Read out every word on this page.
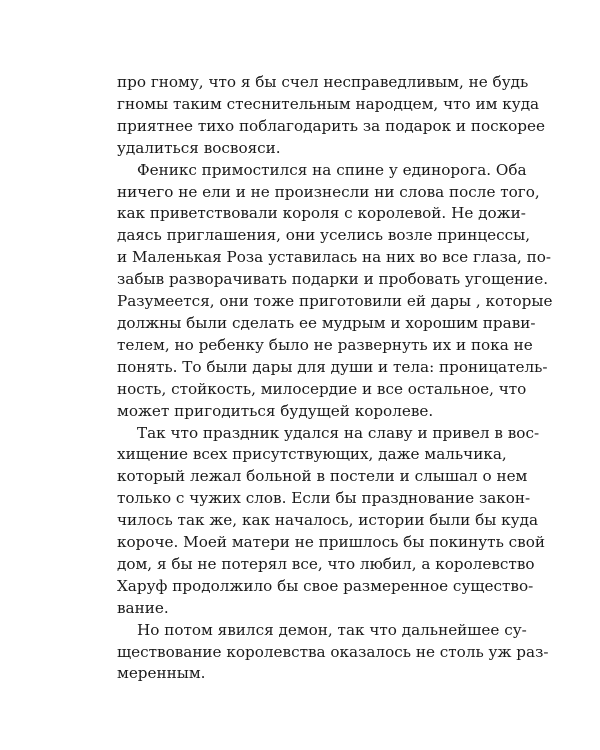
про гному, что я бы счел несправедливым, не будь
гномы таким стеснительным народцем, что им куда
приятнее тихо поблагодарить за подарок и поскорее
удалиться восвояси.

Феникс примостился на спине у единорога. Оба
ничего не ели и не произнесли ни слова после того,
как приветствовали короля с королевой. Не дожи-
даясь приглашения, они уселись возле принцессы,
и Маленькая Роза уставилась на них во все глаза, по-
забыв разворачивать подарки и пробовать угощение.
Разумеется, они тоже приготовили ей дары , которые
должны были сделать ее мудрым и хорошим прави-
телем, но ребенку было не развернуть их и пока не
понять. То были дары для души и тела: проницатель-
ность, стойкость, милосердие и все остальное, что
может пригодиться будущей королеве.

Так что праздник удался на славу и привел в вос-
хищение всех присутствующих, даже мальчика,
который лежал больной в постели и слышал о нем
только с чужих слов. Если бы празднование закон-
чилось так же, как началось, истории были бы куда
короче. Моей матери не пришлось бы покинуть свой
дом, я бы не потерял все, что любил, а королевство
Харуф продолжило бы свое размеренное существо-
вание.

Но потом явился демон, так что дальнейшее су-
ществование королевства оказалось не столь уж раз-
меренным.
